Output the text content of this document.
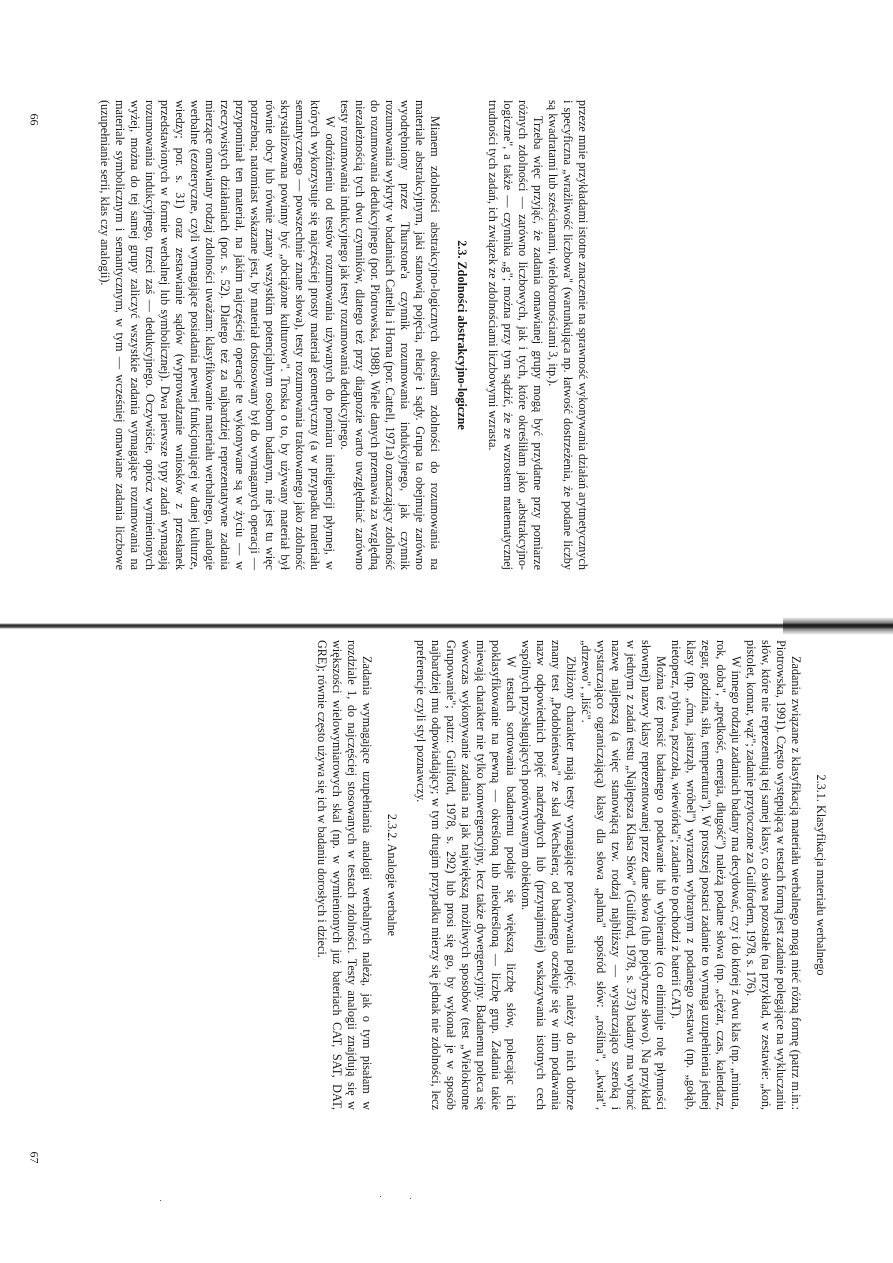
przeze mnie przykładami istotne znaczenie na sprawność wykonywania działań arytmetycznych i specyficzna „wrażliwość liczbowa" (warunkująca np. łatwość dostrzeżenia, że podane liczby są kwadratami lub sześcianami, wielokrotnościami 3, itp.).

Trzeba więc przyjąć, że zadania omawianej grupy mogą być przydatne przy pomiarze różnych zdolności — zarówno liczbowych, jak i tych, które określiłam jako „abstrakcyjno-logiczne", a także — czynnika „g"; można przy tym sądzić, że ze wzrostem matematycznej trudności tych zadań, ich związek ze zdolnościami liczbowymi wzrasta.

2.3. Zdolności abstrakcyjno-logiczne

Mianem zdolności abstrakcyjno-logicznych określam zdolności do rozumowania na materiale abstrakcyjnym, jaki stanowią pojęcia, relacje i sądy. Grupa ta obejmuje zarówno wyodrębniony przez Thurstone'a czynnik rozumowania indukcyjnego, jak czynnik rozumowania wykryty w badaniach Cattella i Horna (por. Cattell, 1971a) oznaczający zdolność do rozumowania dedukcyjnego (por. Piotrowska, 1988). Wiele danych przemawia za względną niezależnością tych dwu czynników, dlatego też przy diagnozie warto uwzględniać zarówno testy rozumowania indukcyjnego jak testy rozumowania dedukcyjnego.

W odróżnieniu od testów rozumowania używanych do pomiaru inteligencji płynnej, w których wykorzystuje się najczęściej prosty materiał geometryczny (a w przypadku materiału semantycznego — powszechnie znane słowa), testy rozumowania traktowanego jako zdolność skrystalizowana powinny być „obciążone kulturowo". Troska o to, by używany materiał był równie obcy lub równie znany wszystkim potencjalnym osobom badanym, nie jest tu więc potrzebna; natomiast wskazane jest, by materiał dostosowany był do wymaganych operacji — przypominał ten materiał, na jakim najczęściej operacje te wykonywane są w życiu — w rzeczywistych działaniach (por. s. 52). Dlatego też za najbardziej reprezentatywne zadania mierzące omawiany rodzaj zdolności uważam: klasyfikowanie materiału werbalnego, analogie werbalne (ezoteryczne, czyli wymagające posiadania pewnej funkcjonującej w danej kulturze, wiedzy; por. s. 31) oraz zestawianie sądów (wyprowadzanie wniosków z przesłanek przedstawionych w formie werbalnej lub symbolicznej). Dwa pierwsze typy zadań wymagają rozumowania indukcyjnego, trzeci zaś — dedukcyjnego. Oczywiście, oprócz wymienionych wyżej, można do tej samej grupy zaliczyć wszystkie zadania wymagające rozumowania na materiale symbolicznym i semantycznym, w tym — wcześniej omawiane zadania liczbowe (uzupełnianie serii, klas czy analogii).

66
2.3.1. Klasyfikacja materiału werbalnego

Zadania związane z klasyfikacją materiału werbalnego mogą mieć różną formę (patrz m.in.: Piotrowska, 1991). Często występującą w testach formą jest zadanie polegające na wykluczaniu słów, które nie reprezentują tej samej klasy, co słowa pozostałe (na przykład, w zestawie: „koń, pistolet, komar, wąż"; zadanie przytoczone za Guilfordem, 1978, s. 176).

W innego rodzaju zadaniach badany ma decydować, czy i do której z dwu klas (np. „minuta, rok, doba", „prędkość, energia, długość") należą podane słowa (np. „ciężar, czas, kalendarz, zegar, godzina, siła, temperatura"). W prostszej postaci zadanie to wymaga uzupełnienia jednej klasy (np. „ćma, jastrząb, wróbel") wyrazem wybranym z podanego zestawu (np. „gołąb, nietoperz, rybitwa, pszczoła, wiewiórka"; zadanie to pochodzi z baterii CAT).

Można też prosić badanego o podawanie lub wybieranie (co eliminuje rolę płynności słownej) nazwy klasy reprezentowanej przez dane słowa (lub pojedyncze słowo). Na przykład w jednym z zadań testu „Najlepsza Klasa Słów" (Guilford, 1978, s. 373) badany ma wybrać nazwę najlepszą (a więc stanowiącą tzw. rodzaj najbliższy — wystarczająco szeroką i wystarczająco ograniczającą) klasy dla słowa „palma" spośród słów: „roślina", „kwiat", „drzewo", „liść".

Zbliżony charakter mają testy wymagające porównywania pojęć, należy do nich dobrze znany test „Podobieństwa" ze skal Wechslera; od badanego oczekuje się w nim podawania nazw odpowiednich pojęć nadrzędnych lub (przynajmniej) wskazywania istotnych cech wspólnych przysługujących porównywanym obiektom.

W testach sortowania badanemu podaje się większą liczbę słów, polecając ich poklasyfikowanie na pewną — określoną lub nieokreśloną — liczbę grup. Zadania takie miewają charakter nie tylko konwergencyjny, lecz także dywergencyjny. Badanemu poleca się wówczas wykonywanie zadania na jak największą możliwych sposobów (test „Wielokrotne Grupowanie"; patrz: Guilford, 1978, s. 292) lub prosi się go, by wykonał je w sposób najbardziej mu odpowiadający; w tym drugim przypadku mierzy się jednak nie zdolności, lecz preferencje czyli styl poznawczy.

2.3.2. Analogie werbalne

Zadania wymagające uzupełniania analogii werbalnych należą, jak o tym pisałam w rozdziale 1, do najczęściej stosowanych w testach zdolności. Testy analogii znajdują się w większości wielowymiarowych skal (np. w wymienionych już bateriach CAT, SAT, DAT, GRE); równie często używa się ich w badaniu dorosłych i dzieci.

67
